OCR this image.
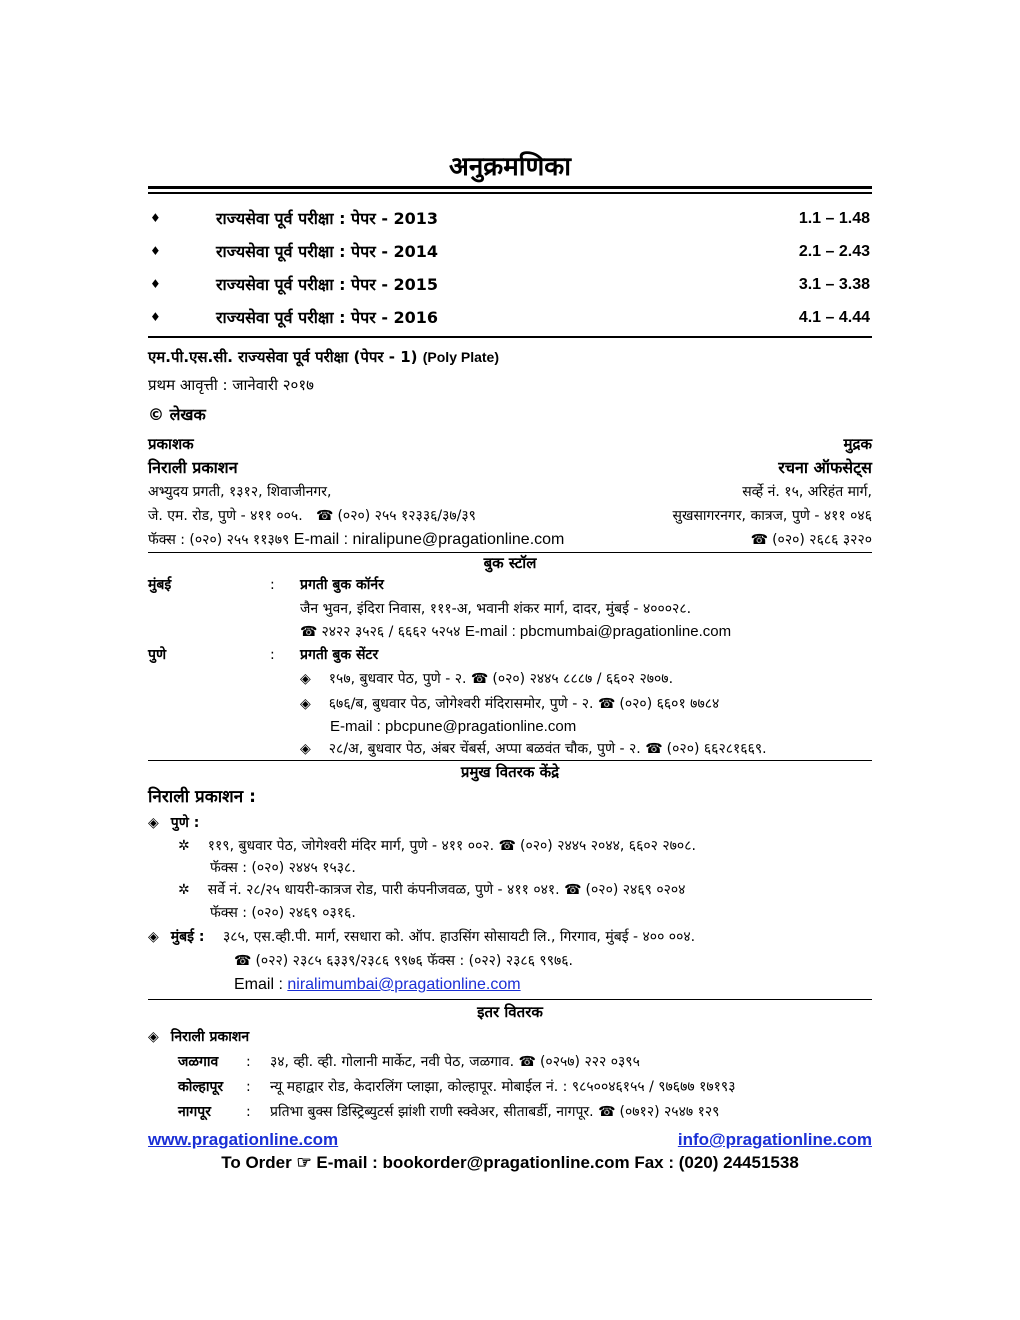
अनुक्रमणिका
♦	राज्यसेवा पूर्व परीक्षा : पेपर - 2013	1.1 – 1.48
♦	राज्यसेवा पूर्व परीक्षा : पेपर - 2014	2.1 – 2.43
♦	राज्यसेवा पूर्व परीक्षा : पेपर - 2015	3.1 – 3.38
♦	राज्यसेवा पूर्व परीक्षा : पेपर - 2016	4.1 – 4.44
एम.पी.एस.सी. राज्यसेवा पूर्व परीक्षा (पेपर - 1) (Poly Plate)
प्रथम आवृत्ती : जानेवारी २०१७
© लेखक
प्रकाशक	मुद्रक
निराली प्रकाशन	रचना ऑफसेट्स
अभ्युदय प्रगती, १३१२, शिवाजीनगर,	सर्व्हे नं. १५, अरिहंत मार्ग,
जे. एम. रोड, पुणे - ४११ ००५. ☎ (०२०) २५५ १२३३६/३७/३९	सुखसागरनगर, कात्रज, पुणे - ४११ ०४६
फॅक्स : (०२०) २५५ ११३७९ E-mail : niralipune@pragationline.com	☎ (०२०) २६८६ ३२२०
बुक स्टॉल
मुंबई	: प्रगती बुक कॉर्नर
जैन भुवन, इंदिरा निवास, १११-अ, भवानी शंकर मार्ग, दादर, मुंबई - ४०००२८.
☎ २४२२ ३५२६ / ६६६२ ५२५४ E-mail : pbcmumbai@pragationline.com
पुणे	: प्रगती बुक सेंटर
◈ १५७, बुधवार पेठ, पुणे - २. ☎ (०२०) २४४५ ८८८७ / ६६०२ २७०७.
◈ ६७६/ब, बुधवार पेठ, जोगेश्वरी मंदिरासमोर, पुणे - २. ☎ (०२०) ६६०१ ७७८४
E-mail : pbcpune@pragationline.com
◈ २८/अ, बुधवार पेठ, अंबर चेंबर्स, अप्पा बळवंत चौक, पुणे - २. ☎ (०२०) ६६२८१६६९.
प्रमुख वितरक केंद्रे
निराली प्रकाशन :
◈ पुणे :
✲ ११९, बुधवार पेठ, जोगेश्वरी मंदिर मार्ग, पुणे - ४११ ००२. ☎ (०२०) २४४५ २०४४, ६६०२ २७०८.
फॅक्स : (०२०) २४४५ १५३८.
✲ सर्वे नं. २८/२५ धायरी-कात्रज रोड, पारी कंपनीजवळ, पुणे - ४११ ०४१. ☎ (०२०) २४६९ ०२०४
फॅक्स : (०२०) २४६९ ०३१६.
◈ मुंबई : ३८५, एस.व्ही.पी. मार्ग, रसधारा को. ऑप. हाउसिंग सोसायटी लि., गिरगाव, मुंबई - ४०० ००४.
☎ (०२२) २३८५ ६३३९/२३८६ ९९७६ फॅक्स : (०२२) २३८६ ९९७६.
Email : niralimumbai@pragationline.com
इतर वितरक
◈ निराली प्रकाशन
जळगाव : ३४, व्ही. व्ही. गोलानी मार्केट, नवी पेठ, जळगाव. ☎ (०२५७) २२२ ०३९५
कोल्हापूर : न्यू महाद्वार रोड, केदारलिंग प्लाझा, कोल्हापूर. मोबाईल नं. : ९८५००४६१५५ / ९७६७७ १७१९३
नागपूर	: प्रतिभा बुक्स डिस्ट्रिब्युटर्स झांशी राणी स्क्वेअर, सीताबर्डी, नागपूर. ☎ (०७१२) २५४७ १२९
www.pragationline.com	info@pragationline.com
To Order ☞ E-mail : bookorder@pragationline.com Fax : (020) 24451538
